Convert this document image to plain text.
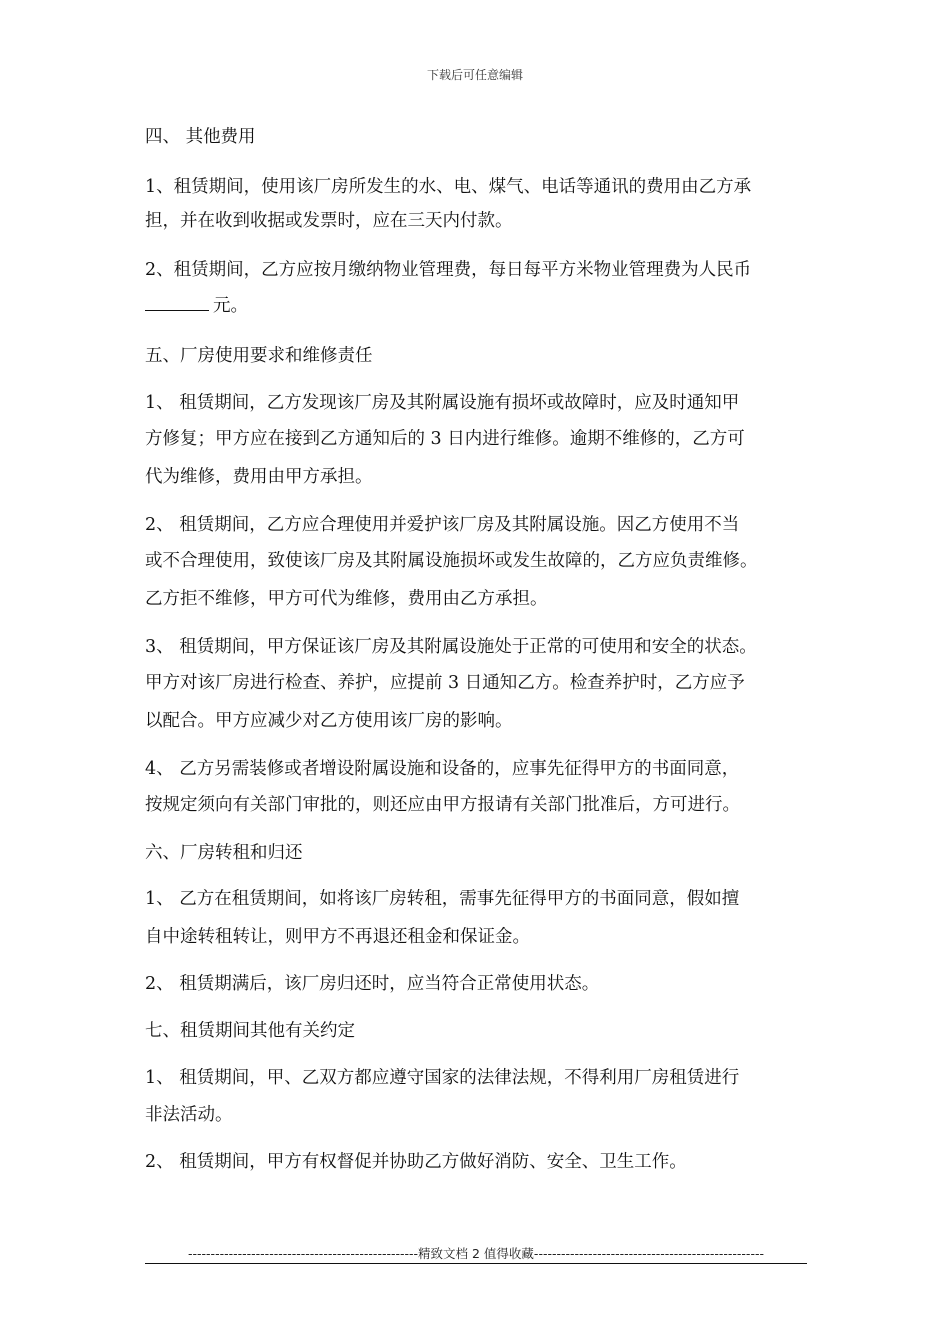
下载后可任意编辑
四、 其他费用
1、租赁期间，使用该厂房所发生的水、电、煤气、电话等通讯的费用由乙方承
担，并在收到收据或发票时，应在三天内付款。
2、租赁期间，乙方应按月缴纳物业管理费，每日每平方米物业管理费为人民币
元。
五、厂房使用要求和维修责任
1、 租赁期间，乙方发现该厂房及其附属设施有损坏或故障时，应及时通知甲
方修复；甲方应在接到乙方通知后的 3 日内进行维修。逾期不维修的，乙方可
代为维修，费用由甲方承担。
2、 租赁期间，乙方应合理使用并爱护该厂房及其附属设施。因乙方使用不当
或不合理使用，致使该厂房及其附属设施损坏或发生故障的，乙方应负责维修。
乙方拒不维修，甲方可代为维修，费用由乙方承担。
3、 租赁期间，甲方保证该厂房及其附属设施处于正常的可使用和安全的状态。
甲方对该厂房进行检查、养护，应提前 3 日通知乙方。检查养护时，乙方应予
以配合。甲方应减少对乙方使用该厂房的影响。
4、 乙方另需装修或者增设附属设施和设备的，应事先征得甲方的书面同意，
按规定须向有关部门审批的，则还应由甲方报请有关部门批准后，方可进行。
六、厂房转租和归还
1、 乙方在租赁期间，如将该厂房转租，需事先征得甲方的书面同意，假如擅
自中途转租转让，则甲方不再退还租金和保证金。
2、 租赁期满后，该厂房归还时，应当符合正常使用状态。
七、租赁期间其他有关约定
1、 租赁期间，甲、乙双方都应遵守国家的法律法规，不得利用厂房租赁进行
非法活动。
2、 租赁期间，甲方有权督促并协助乙方做好消防、安全、卫生工作。
---------------------------------------------------精致文档 2 值得收藏---------------------------------------------------
